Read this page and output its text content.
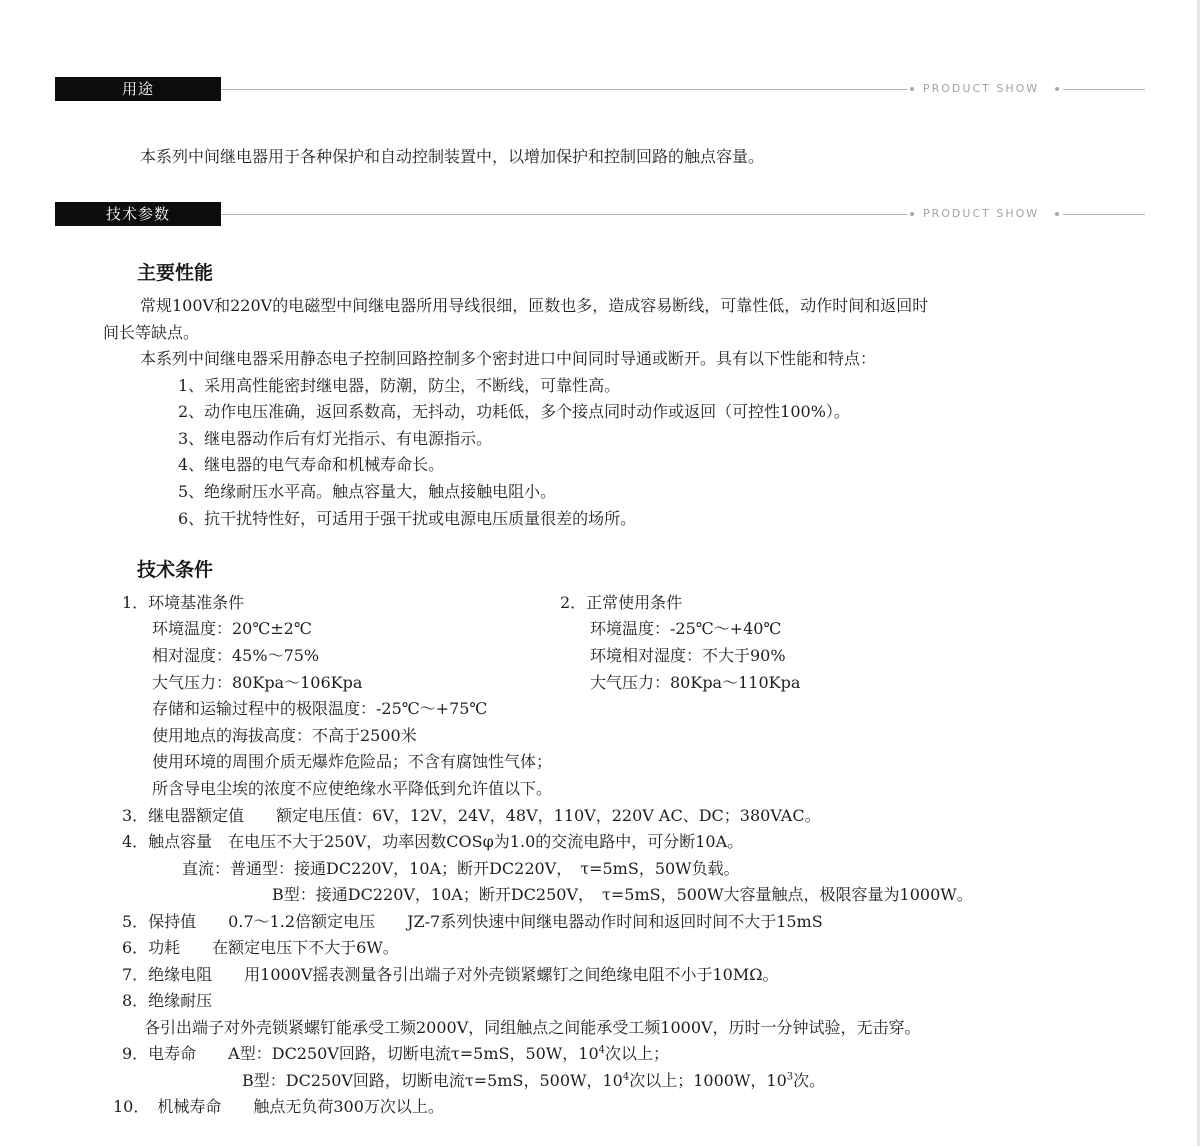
用途	PRODUCT SHOW
本系列中间继电器用于各种保护和自动控制装置中，以增加保护和控制回路的触点容量。
技术参数	PRODUCT SHOW
主要性能
常规100V和220V的电磁型中间继电器所用导线很细，匝数也多，造成容易断线，可靠性低，动作时间和返回时
间长等缺点。
本系列中间继电器采用静态电子控制回路控制多个密封进口中间同时导通或断开。具有以下性能和特点：
1、采用高性能密封继电器，防潮，防尘，不断线，可靠性高。
2、动作电压准确，返回系数高，无抖动，功耗低，多个接点同时动作或返回（可控性100%）。
3、继电器动作后有灯光指示、有电源指示。
4、继电器的电气寿命和机械寿命长。
5、绝缘耐压水平高。触点容量大，触点接触电阻小。
6、抗干扰特性好，可适用于强干扰或电源电压质量很差的场所。
技术条件
1．环境基准条件
环境温度：20℃±2℃
相对湿度：45%～75%
大气压力：80Kpa～106Kpa
存储和运输过程中的极限温度：-25℃～+75℃
使用地点的海拔高度：不高于2500米
使用环境的周围介质无爆炸危险品；不含有腐蚀性气体；
所含导电尘埃的浓度不应使绝缘水平降低到允许值以下。
2．正常使用条件
环境温度：-25℃～+40℃
环境相对湿度：不大于90%
大气压力：80Kpa～110Kpa
3．继电器额定值　　额定电压值：6V，12V，24V，48V，110V，220V AC、DC；380VAC。
4．触点容量　在电压不大于250V，功率因数COSφ为1.0的交流电路中，可分断10A。
直流：普通型：接通DC220V，10A；断开DC220V，　τ=5mS，50W负载。
B型：接通DC220V，10A；断开DC250V，　τ=5mS，500W大容量触点，极限容量为1000W。
5．保持值　　0.7～1.2倍额定电压　　JZ-7系列快速中间继电器动作时间和返回时间不大于15mS
6．功耗　　在额定电压下不大于6W。
7．绝缘电阻　　用1000V摇表测量各引出端子对外壳锁紧螺钉之间绝缘电阻不小于10MΩ。
8．绝缘耐压
各引出端子对外壳锁紧螺钉能承受工频2000V，同组触点之间能承受工频1000V，历时一分钟试验，无击穿。
9．电寿命　　A型：DC250V回路，切断电流τ=5mS，50W，$10^4$次以上；
B型：DC250V回路，切断电流τ=5mS，500W，$10^4$次以上；1000W，$10^3$次。
10．　机械寿命　　触点无负荷300万次以上。
